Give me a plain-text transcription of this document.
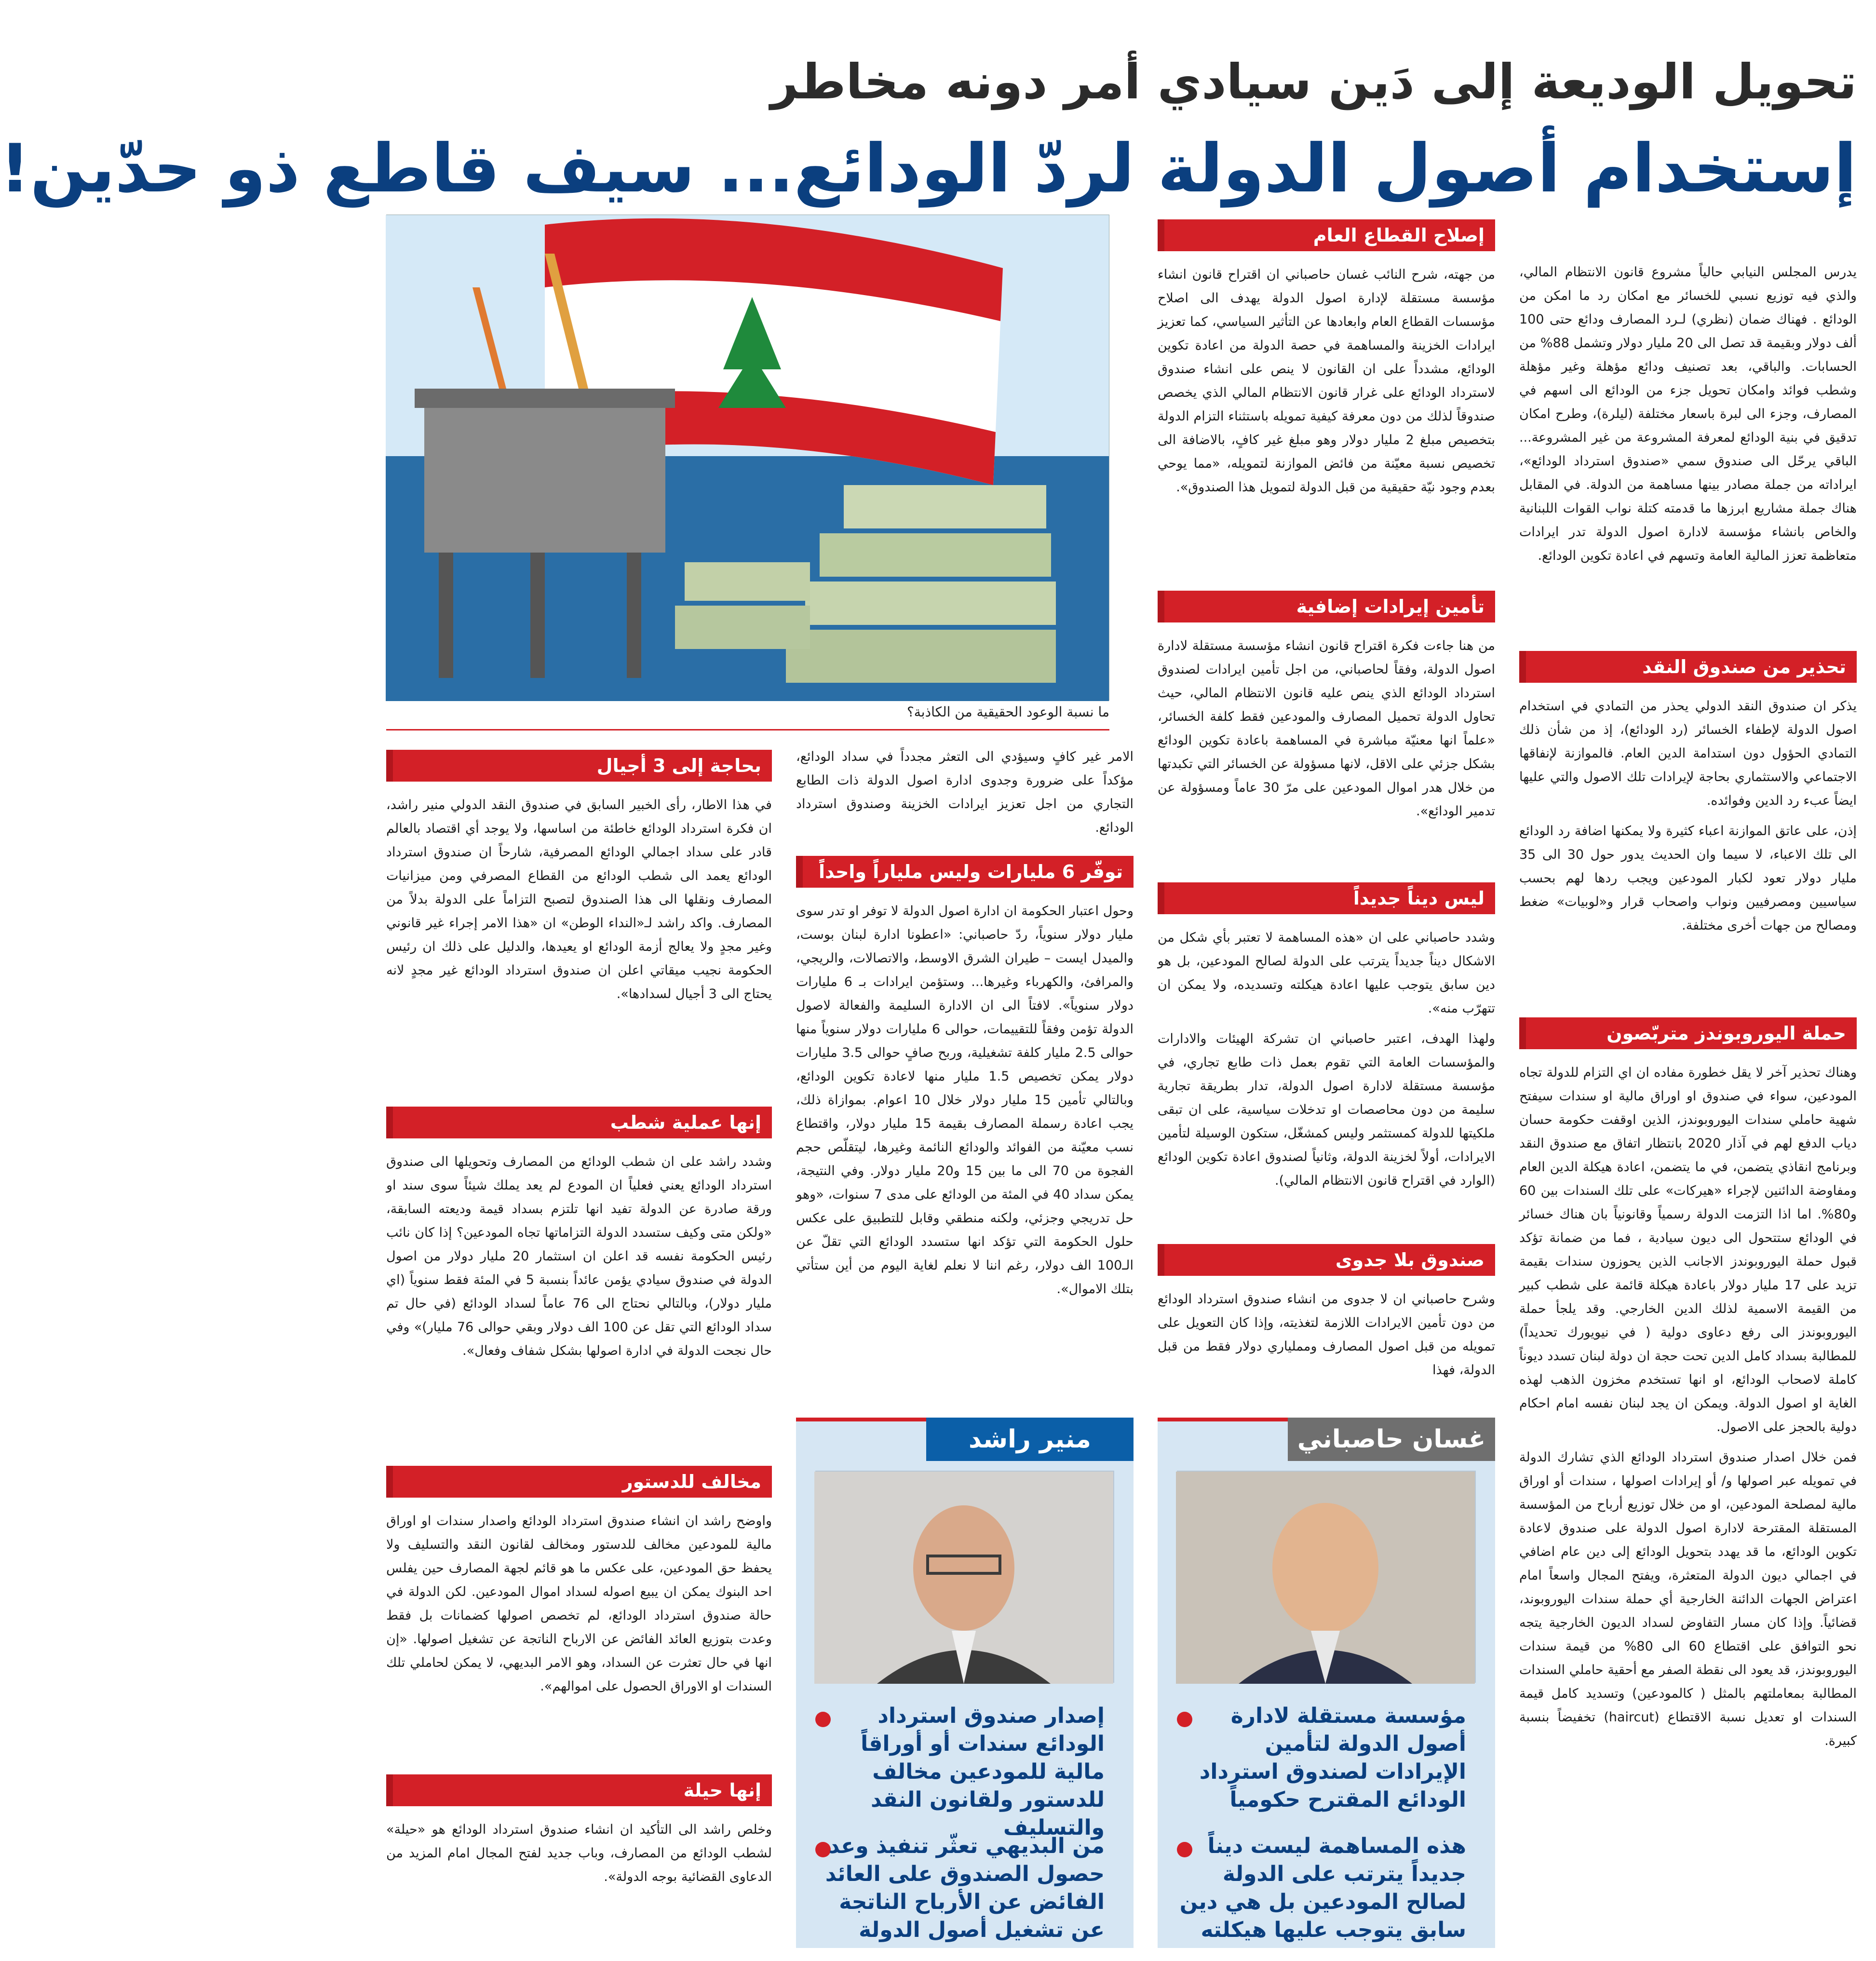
تحويل الوديعة إلى دَين سيادي أمر دونه مخاطر
إستخدام أصول الدولة لردّ الودائع... سيف قاطع ذو حدّين!

يدرس المجلس النيابي حالياً مشروع قانون الانتظام المالي، والذي فيه توزيع نسبي للخسائر مع امكان رد ما امكن من الودائع . فهناك ضمان (نظري) لـرد المصارف ودائع حتى 100 ألف دولار وبقيمة قد تصل الى 20 مليار دولار وتشمل 88% من الحسابات. والباقي، بعد تصنيف ودائع مؤهلة وغير مؤهلة وشطب فوائد وامكان تحويل جزء من الودائع الى اسهم في المصارف، وجزء الى لبرة باسعار مختلفة (ليلرة)، وطرح امكان تدقيق في بنية الودائع لمعرفة المشروعة من غير المشروعة... الباقي يرحّل الى صندوق سمي «صندوق استرداد الودائع»، ايراداته من جملة مصادر بينها مساهمة من الدولة. في المقابل هناك جملة مشاريع ابرزها ما قدمته كتلة نواب القوات اللبنانية والخاص بانشاء مؤسسة لادارة اصول الدولة تدر ايرادات متعاظمة تعزز المالية العامة وتسهم في اعادة تكوين الودائع.

تحذير من صندوق النقد

يذكر ان صندوق النقد الدولي يحذر من التمادي في استخدام اصول الدولة لإطفاء الخسائر (رد الودائع)، إذ من شأن ذلك التمادي الحؤول دون استدامة الدين العام. فالموازنة لإنفاقها الاجتماعي والاستثماري بحاجة لإيرادات تلك الاصول والتي عليها ايضاً عبء رد الدين وفوائده.

إذن، على عاتق الموازنة اعباء كثيرة ولا يمكنها اضافة رد الودائع الى تلك الاعباء، لا سيما وان الحديث يدور حول 30 الى 35 مليار دولار تعود لكبار المودعين ويجب ردها لهم بحسب سياسيين ومصرفيين ونواب واصحاب قرار و«لوبيات» ضغط ومصالح من جهات أخرى مختلفة.

حملة اليوروبوندز متربّصون

وهناك تحذير آخر لا يقل خطورة مفاده ان اي التزام للدولة تجاه المودعين، سواء في صندوق او اوراق مالية او سندات سيفتح شهية حاملي سندات اليوروبوندز، الذين اوقفت حكومة حسان دياب الدفع لهم في آذار 2020 بانتظار اتفاق مع صندوق النقد وبرنامج انقاذي يتضمن، في ما يتضمن، اعادة هيكلة الدين العام ومفاوضة الدائنين لإجراء «هيركات» على تلك السندات بين 60 و80%. اما اذا التزمت الدولة رسمياً وقانونياً بان هناك خسائر في الودائع ستتحول الى ديون سيادية ، فما من ضمانة تؤكد قبول حملة اليوروبوندز الاجانب الذين يحوزون سندات بقيمة تزيد على 17 مليار دولار باعادة هيكلة قائمة على شطب كبير من القيمة الاسمية لذلك الدين الخارجي. وقد يلجأ حملة اليوروبوندز الى رفع دعاوى دولية ( في نيويورك تحديداً) للمطالبة بسداد كامل الدين تحت حجة ان دولة لبنان تسدد ديوناً كاملة لاصحاب الودائع، او انها تستخدم مخزون الذهب لهذه الغاية او اصول الدولة. ويمكن ان يجد لبنان نفسه امام احكام دولية بالحجز على الاصول.

فمن خلال اصدار صندوق استرداد الودائع الذي تشارك الدولة في تمويله عبر اصولها و/ أو إيرادات اصولها ، سندات أو اوراق مالية لمصلحة المودعين، او من خلال توزيع أرباح من المؤسسة المستقلة المقترحة لادارة اصول الدولة على صندوق لاعادة تكوين الودائع، ما قد يهدد بتحويل الودائع إلى دين عام اضافي في اجمالي ديون الدولة المتعثرة، ويفتح المجال واسعاً امام اعتراض الجهات الدائنة الخارجية أي حملة سندات اليوروبوند، قضائياً. وإذا كان مسار التفاوض لسداد الديون الخارجية يتجه نحو التوافق على اقتطاع 60 الى 80% من قيمة سندات اليوروبوندز، قد يعود الى نقطة الصفر مع أحقية حاملي السندات المطالبة بمعاملتهم بالمثل ( كالمودعين) وتسديد كامل قيمة السندات او تعديل نسبة الاقتطاع (haircut) تخفيضاً بنسبة كبيرة.

إصلاح القطاع العام

من جهته، شرح النائب غسان حاصباني ان اقتراح قانون انشاء مؤسسة مستقلة لإدارة اصول الدولة يهدف الى اصلاح مؤسسات القطاع العام وابعادها عن التأثير السياسي، كما تعزيز ايرادات الخزينة والمساهمة في حصة الدولة من اعادة تكوين الودائع، مشدداً على ان القانون لا ينص على انشاء صندوق لاسترداد الودائع على غرار قانون الانتظام المالي الذي يخصص صندوقاً لذلك من دون معرفة كيفية تمويله باستثناء التزام الدولة بتخصيص مبلغ 2 مليار دولار وهو مبلغ غير كافٍ، بالاضافة الى تخصيص نسبة معيّنة من فائض الموازنة لتمويله، «مما يوحي بعدم وجود نيّة حقيقية من قبل الدولة لتمويل هذا الصندوق».

تأمين إيرادات إضافية

من هنا جاءت فكرة اقتراح قانون انشاء مؤسسة مستقلة لادارة اصول الدولة، وفقاً لحاصباني، من اجل تأمين ايرادات لصندوق استرداد الودائع الذي ينص عليه قانون الانتظام المالي، حيث تحاول الدولة تحميل المصارف والمودعين فقط كلفة الخسائر، «علماً انها معنيّة مباشرة في المساهمة باعادة تكوين الودائع بشكل جزئي على الاقل، لانها مسؤولة عن الخسائر التي تكبدتها من خلال هدر اموال المودعين على مرّ 30 عاماً ومسؤولة عن تدمير الودائع».

ليس ديناً جديداً

وشدد حاصباني على ان «هذه المساهمة لا تعتبر بأي شكل من الاشكال ديناً جديداً يترتب على الدولة لصالح المودعين، بل هو دين سابق يتوجب عليها اعادة هيكلته وتسديده، ولا يمكن ان تتهرّب منه».

ولهذا الهدف، اعتبر حاصباني ان تشركة الهيئات والادارات والمؤسسات العامة التي تقوم بعمل ذات طابع تجاري، في مؤسسة مستقلة لادارة اصول الدولة، تدار بطريقة تجارية سليمة من دون محاصصات او تدخلات سياسية، على ان تبقى ملكيتها للدولة كمستثمر وليس كمشغّل، ستكون الوسيلة لتأمين الايرادات، أولاً لخزينة الدولة، وثانياً لصندوق اعادة تكوين الودائع (الوارد في اقتراح قانون الانتظام المالي).

صندوق بلا جدوى

وشرح حاصباني ان لا جدوى من انشاء صندوق استرداد الودائع من دون تأمين الايرادات اللازمة لتغذيته، وإذا كان التعويل على تمويله من قبل اصول المصارف ومملياري دولار فقط من قبل الدولة، فهذا

ما نسبة الوعود الحقيقية من الكاذبة؟

الامر غير كافٍ وسيؤدي الى التعثر مجدداً في سداد الودائع، مؤكداً على ضرورة وجدوى ادارة اصول الدولة ذات الطابع التجاري من اجل تعزيز ايرادات الخزينة وصندوق استرداد الودائع.

توفّر 6 مليارات وليس ملياراً واحداً

وحول اعتبار الحكومة ان ادارة اصول الدولة لا توفر او تدر سوى مليار دولار سنوياً، ردّ حاصباني: «اعطونا ادارة لبنان بوست، والميدل ايست – طيران الشرق الاوسط، والاتصالات، والريجي، والمرافئ، والكهرباء وغيرها... وستؤمن ايرادات بـ 6 مليارات دولار سنوياً». لافتاً الى ان الادارة السليمة والفعالة لاصول الدولة تؤمن وفقاً للتقييمات، حوالى 6 مليارات دولار سنوياً منها حوالى 2.5 مليار كلفة تشغيلية، وربح صافٍ حوالى 3.5 مليارات دولار يمكن تخصيص 1.5 مليار منها لاعادة تكوين الودائع، وبالتالي تأمين 15 مليار دولار خلال 10 اعوام. بموازاة ذلك، يجب اعادة رسملة المصارف بقيمة 15 مليار دولار، واقتطاع نسب معيّنة من الفوائد والودائع النائمة وغيرها، ليتقلّص حجم الفجوة من 70 الى ما بين 15 و20 مليار دولار. وفي النتيجة، يمكن سداد 40 في المئة من الودائع على مدى 7 سنوات، «وهو حل تدريجي وجزئي، ولكنه منطقي وقابل للتطبيق على عكس حلول الحكومة التي تؤكد انها ستسدد الودائع التي تقلّ عن الـ100 الف دولار، رغم اننا لا نعلم لغاية اليوم من أين ستأتي بتلك الاموال».

بحاجة إلى 3 أجيال

في هذا الاطار، رأى الخبير السابق في صندوق النقد الدولي منير راشد، ان فكرة استرداد الودائع خاطئة من اساسها، ولا يوجد أي اقتصاد بالعالم قادر على سداد اجمالي الودائع المصرفية، شارحاً ان صندوق استرداد الودائع يعمد الى شطب الودائع من القطاع المصرفي ومن ميزانيات المصارف ونقلها الى هذا الصندوق لتصبح التزاماً على الدولة بدلاً من المصارف. واكد راشد لـ«النداء الوطن» ان «هذا الامر إجراء غير قانوني وغير مجدٍ ولا يعالج أزمة الودائع او يعيدها، والدليل على ذلك ان رئيس الحكومة نجيب ميقاتي اعلن ان صندوق استرداد الودائع غير مجدٍ لانه يحتاج الى 3 أجيال لسدادها».

إنها عملية شطب

وشدد راشد على ان شطب الودائع من المصارف وتحويلها الى صندوق استرداد الودائع يعني فعلياً ان المودع لم يعد يملك شيئاً سوى سند او ورقة صادرة عن الدولة تفيد انها تلتزم بسداد قيمة وديعته السابقة، «ولكن متى وكيف ستسدد الدولة التزاماتها تجاه المودعين؟ إذا كان نائب رئيس الحكومة نفسه قد اعلن ان استثمار 20 مليار دولار من اصول الدولة في صندوق سيادي يؤمن عائداً بنسبة 5 في المئة فقط سنوياً (اي مليار دولار)، وبالتالي نحتاج الى 76 عاماً لسداد الودائع (في حال تم سداد الودائع التي تقل عن 100 الف دولار وبقي حوالى 76 مليار)» وفي حال نجحت الدولة في ادارة اصولها بشكل شفاف وفعال».

مخالف للدستور

واوضح راشد ان انشاء صندوق استرداد الودائع واصدار سندات او اوراق مالية للمودعين مخالف للدستور ومخالف لقانون النقد والتسليف ولا يحفظ حق المودعين، على عكس ما هو قائم لجهة المصارف حين يفلس احد البنوك يمكن ان يبيع اصوله لسداد اموال المودعين. لكن الدولة في حالة صندوق استرداد الودائع، لم تخصص اصولها كضمانات بل فقط وعدت بتوزيع العائد الفائض عن الارباح الناتجة عن تشغيل اصولها. «إن انها في حال تعثرت عن السداد، وهو الامر البديهي، لا يمكن لحاملي تلك السندات او الاوراق الحصول على اموالهم».

إنها حيلة

وخلص راشد الى التأكيد ان انشاء صندوق استرداد الودائع هو «حيلة» لشطب الودائع من المصارف، وباب جديد لفتح المجال امام المزيد من الدعاوى القضائية بوجه الدولة».

غسان حاصباني
مؤسسة مستقلة لادارة أصول الدولة لتأمين الإيرادات لصندوق استرداد الودائع المقترح حكومياً
هذه المساهمة ليست ديناً جديداً يترتب على الدولة لصالح المودعين بل هي دين سابق يتوجب عليها هيكلته
منير راشد
إصدار صندوق استرداد الودائع سندات أو أوراقاً مالية للمودعين مخالف للدستور ولقانون النقد والتسليف
من البديهي تعثّر تنفيذ وعد حصول الصندوق على العائد الفائض عن الأرباح الناتجة عن تشغيل أصول الدولة
